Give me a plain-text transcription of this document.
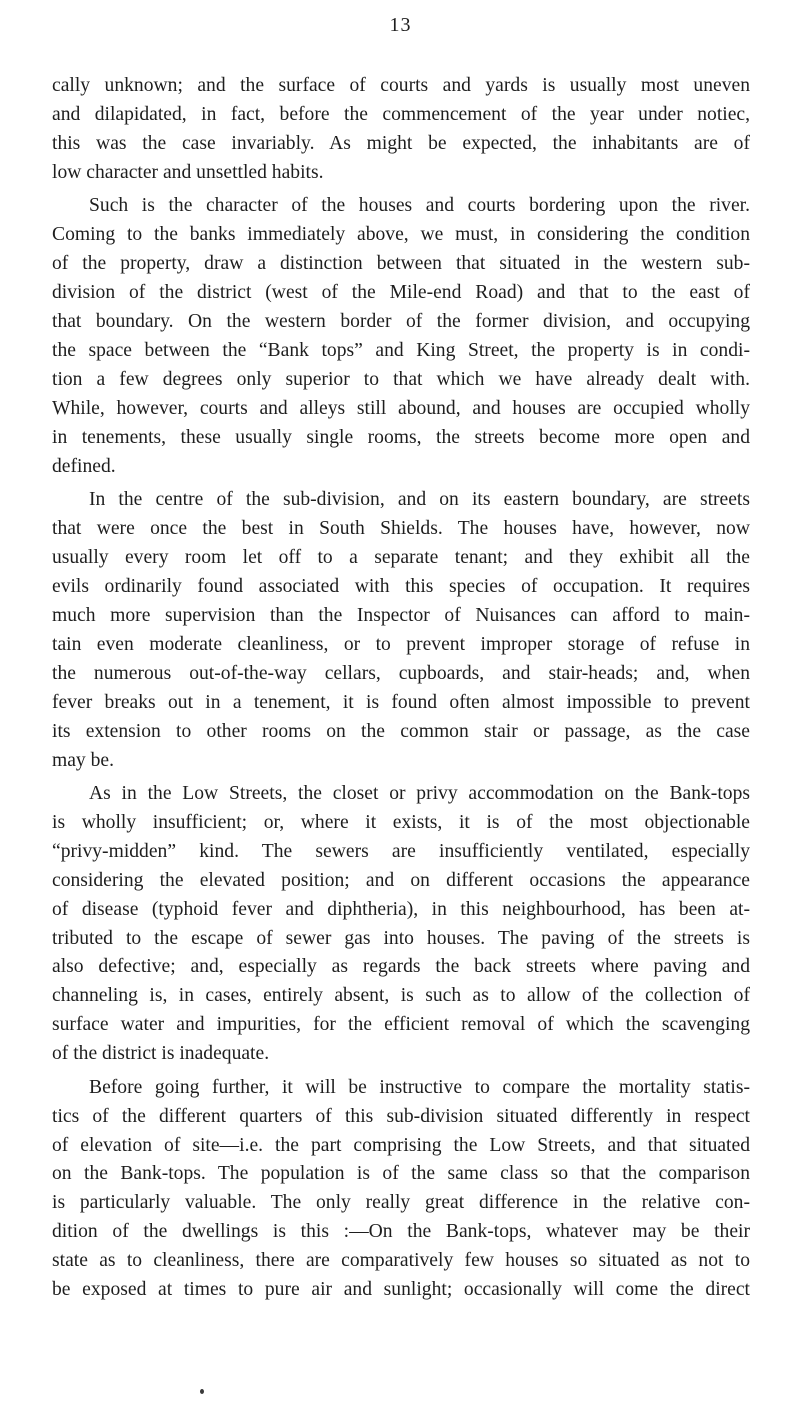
13
cally unknown; and the surface of courts and yards is usually most uneven
and dilapidated, in fact, before the commencement of the year under notiec,
this was the case invariably. As might be expected, the inhabitants are of
low character and unsettled habits.
Such is the character of the houses and courts bordering upon the river.
Coming to the banks immediately above, we must, in considering the condition
of the property, draw a distinction between that situated in the western sub-
division of the district (west of the Mile-end Road) and that to the east of
that boundary. On the western border of the former division, and occupying
the space between the “Bank tops” and King Street, the property is in condi-
tion a few degrees only superior to that which we have already dealt with.
While, however, courts and alleys still abound, and houses are occupied wholly
in tenements, these usually single rooms, the streets become more open and
defined.
In the centre of the sub-division, and on its eastern boundary, are streets
that were once the best in South Shields. The houses have, however, now
usually every room let off to a separate tenant; and they exhibit all the
evils ordinarily found associated with this species of occupation. It requires
much more supervision than the Inspector of Nuisances can afford to main-
tain even moderate cleanliness, or to prevent improper storage of refuse in
the numerous out-of-the-way cellars, cupboards, and stair-heads; and, when
fever breaks out in a tenement, it is found often almost impossible to prevent
its extension to other rooms on the common stair or passage, as the case
may be.
As in the Low Streets, the closet or privy accommodation on the Bank-tops
is wholly insufficient; or, where it exists, it is of the most objectionable
“privy-midden” kind. The sewers are insufficiently ventilated, especially
considering the elevated position; and on different occasions the appearance
of disease (typhoid fever and diphtheria), in this neighbourhood, has been at-
tributed to the escape of sewer gas into houses. The paving of the streets is
also defective; and, especially as regards the back streets where paving and
channeling is, in cases, entirely absent, is such as to allow of the collection of
surface water and impurities, for the efficient removal of which the scavenging
of the district is inadequate.
Before going further, it will be instructive to compare the mortality statis-
tics of the different quarters of this sub-division situated differently in respect
of elevation of site—i.e. the part comprising the Low Streets, and that situated
on the Bank-tops. The population is of the same class so that the comparison
is particularly valuable. The only really great difference in the relative con-
dition of the dwellings is this :—On the Bank-tops, whatever may be their
state as to cleanliness, there are comparatively few houses so situated as not to
be exposed at times to pure air and sunlight; occasionally will come the direct
